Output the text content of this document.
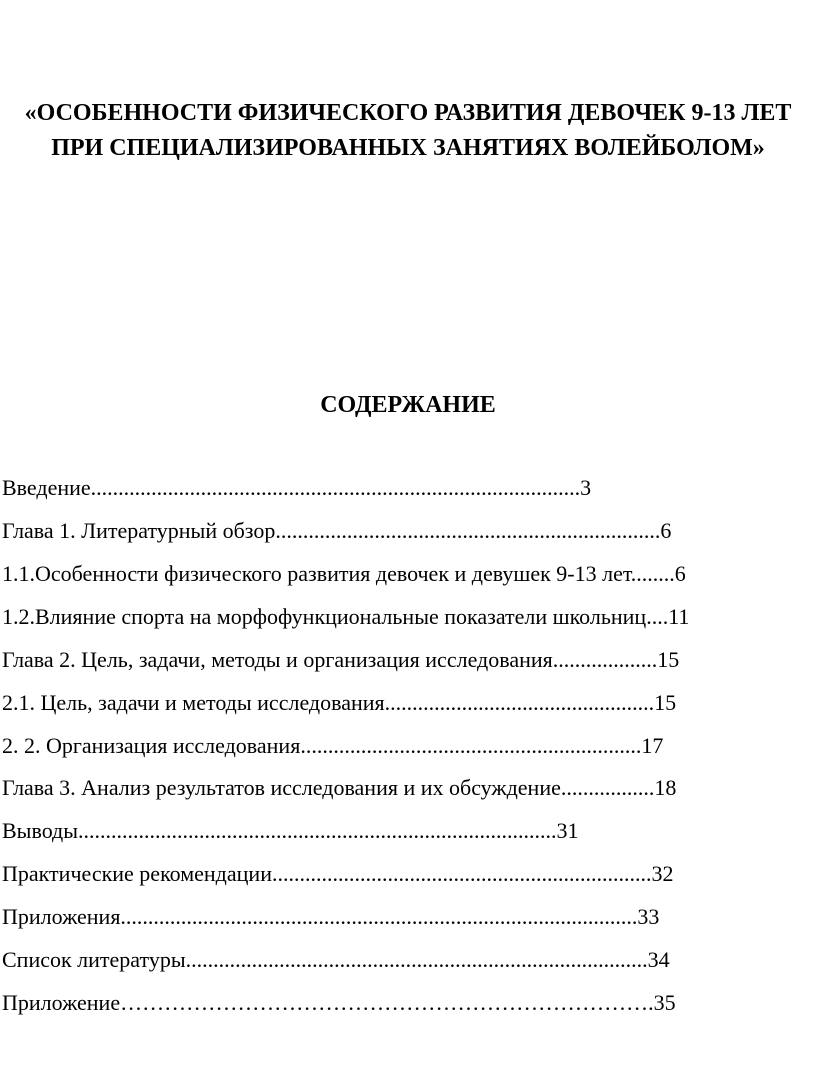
«ОСОБЕННОСТИ ФИЗИЧЕСКОГО РАЗВИТИЯ ДЕВОЧЕК 9-13 ЛЕТ
ПРИ СПЕЦИАЛИЗИРОВАННЫХ ЗАНЯТИЯХ ВОЛЕЙБОЛОМ»
СОДЕРЖАНИЕ
Введение.........................................................................................3
Глава 1. Литературный обзор......................................................................6
1.1.Особенности физического развития девочек и девушек 9-13 лет........6
1.2.Влияние спорта на морфофункциональные показатели школьниц....11
Глава 2. Цель, задачи, методы и организация исследования...................15
2.1. Цель, задачи и методы исследования.................................................15
2. 2. Организация исследования..............................................................17
Глава 3. Анализ результатов исследования и их обсуждение.................18
Выводы.......................................................................................31
Практические рекомендации.....................................................................32
Приложения..............................................................................................33
Список литературы....................................................................................34
Приложение……………………………………………………………….35
